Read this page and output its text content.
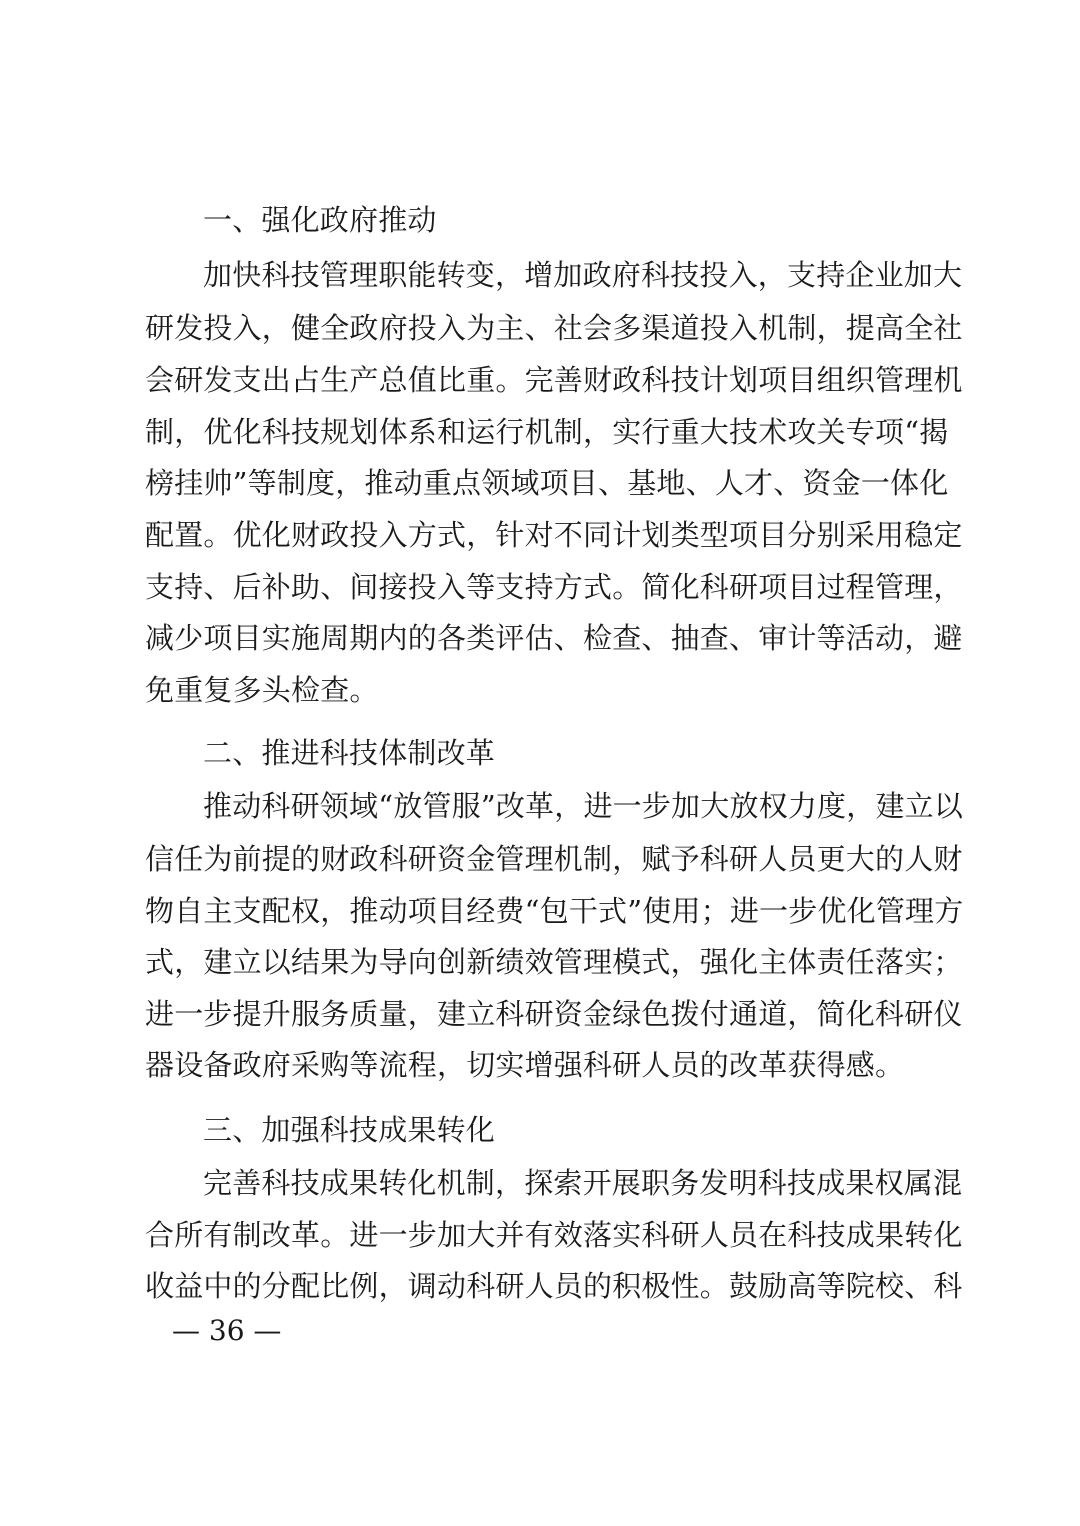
一、强化政府推动
加快科技管理职能转变，增加政府科技投入，支持企业加大
研发投入，健全政府投入为主、社会多渠道投入机制，提高全社
会研发支出占生产总值比重。完善财政科技计划项目组织管理机
制，优化科技规划体系和运行机制，实行重大技术攻关专项“揭
榜挂帅”等制度，推动重点领域项目、基地、人才、资金一体化
配置。优化财政投入方式，针对不同计划类型项目分别采用稳定
支持、后补助、间接投入等支持方式。简化科研项目过程管理，
减少项目实施周期内的各类评估、检查、抽查、审计等活动，避
免重复多头检查。
二、推进科技体制改革
推动科研领域“放管服”改革，进一步加大放权力度，建立以
信任为前提的财政科研资金管理机制，赋予科研人员更大的人财
物自主支配权，推动项目经费“包干式”使用；进一步优化管理方
式，建立以结果为导向创新绩效管理模式，强化主体责任落实；
进一步提升服务质量，建立科研资金绿色拨付通道，简化科研仪
器设备政府采购等流程，切实增强科研人员的改革获得感。
三、加强科技成果转化
完善科技成果转化机制，探索开展职务发明科技成果权属混
合所有制改革。进一步加大并有效落实科研人员在科技成果转化
收益中的分配比例，调动科研人员的积极性。鼓励高等院校、科
— 36 —
